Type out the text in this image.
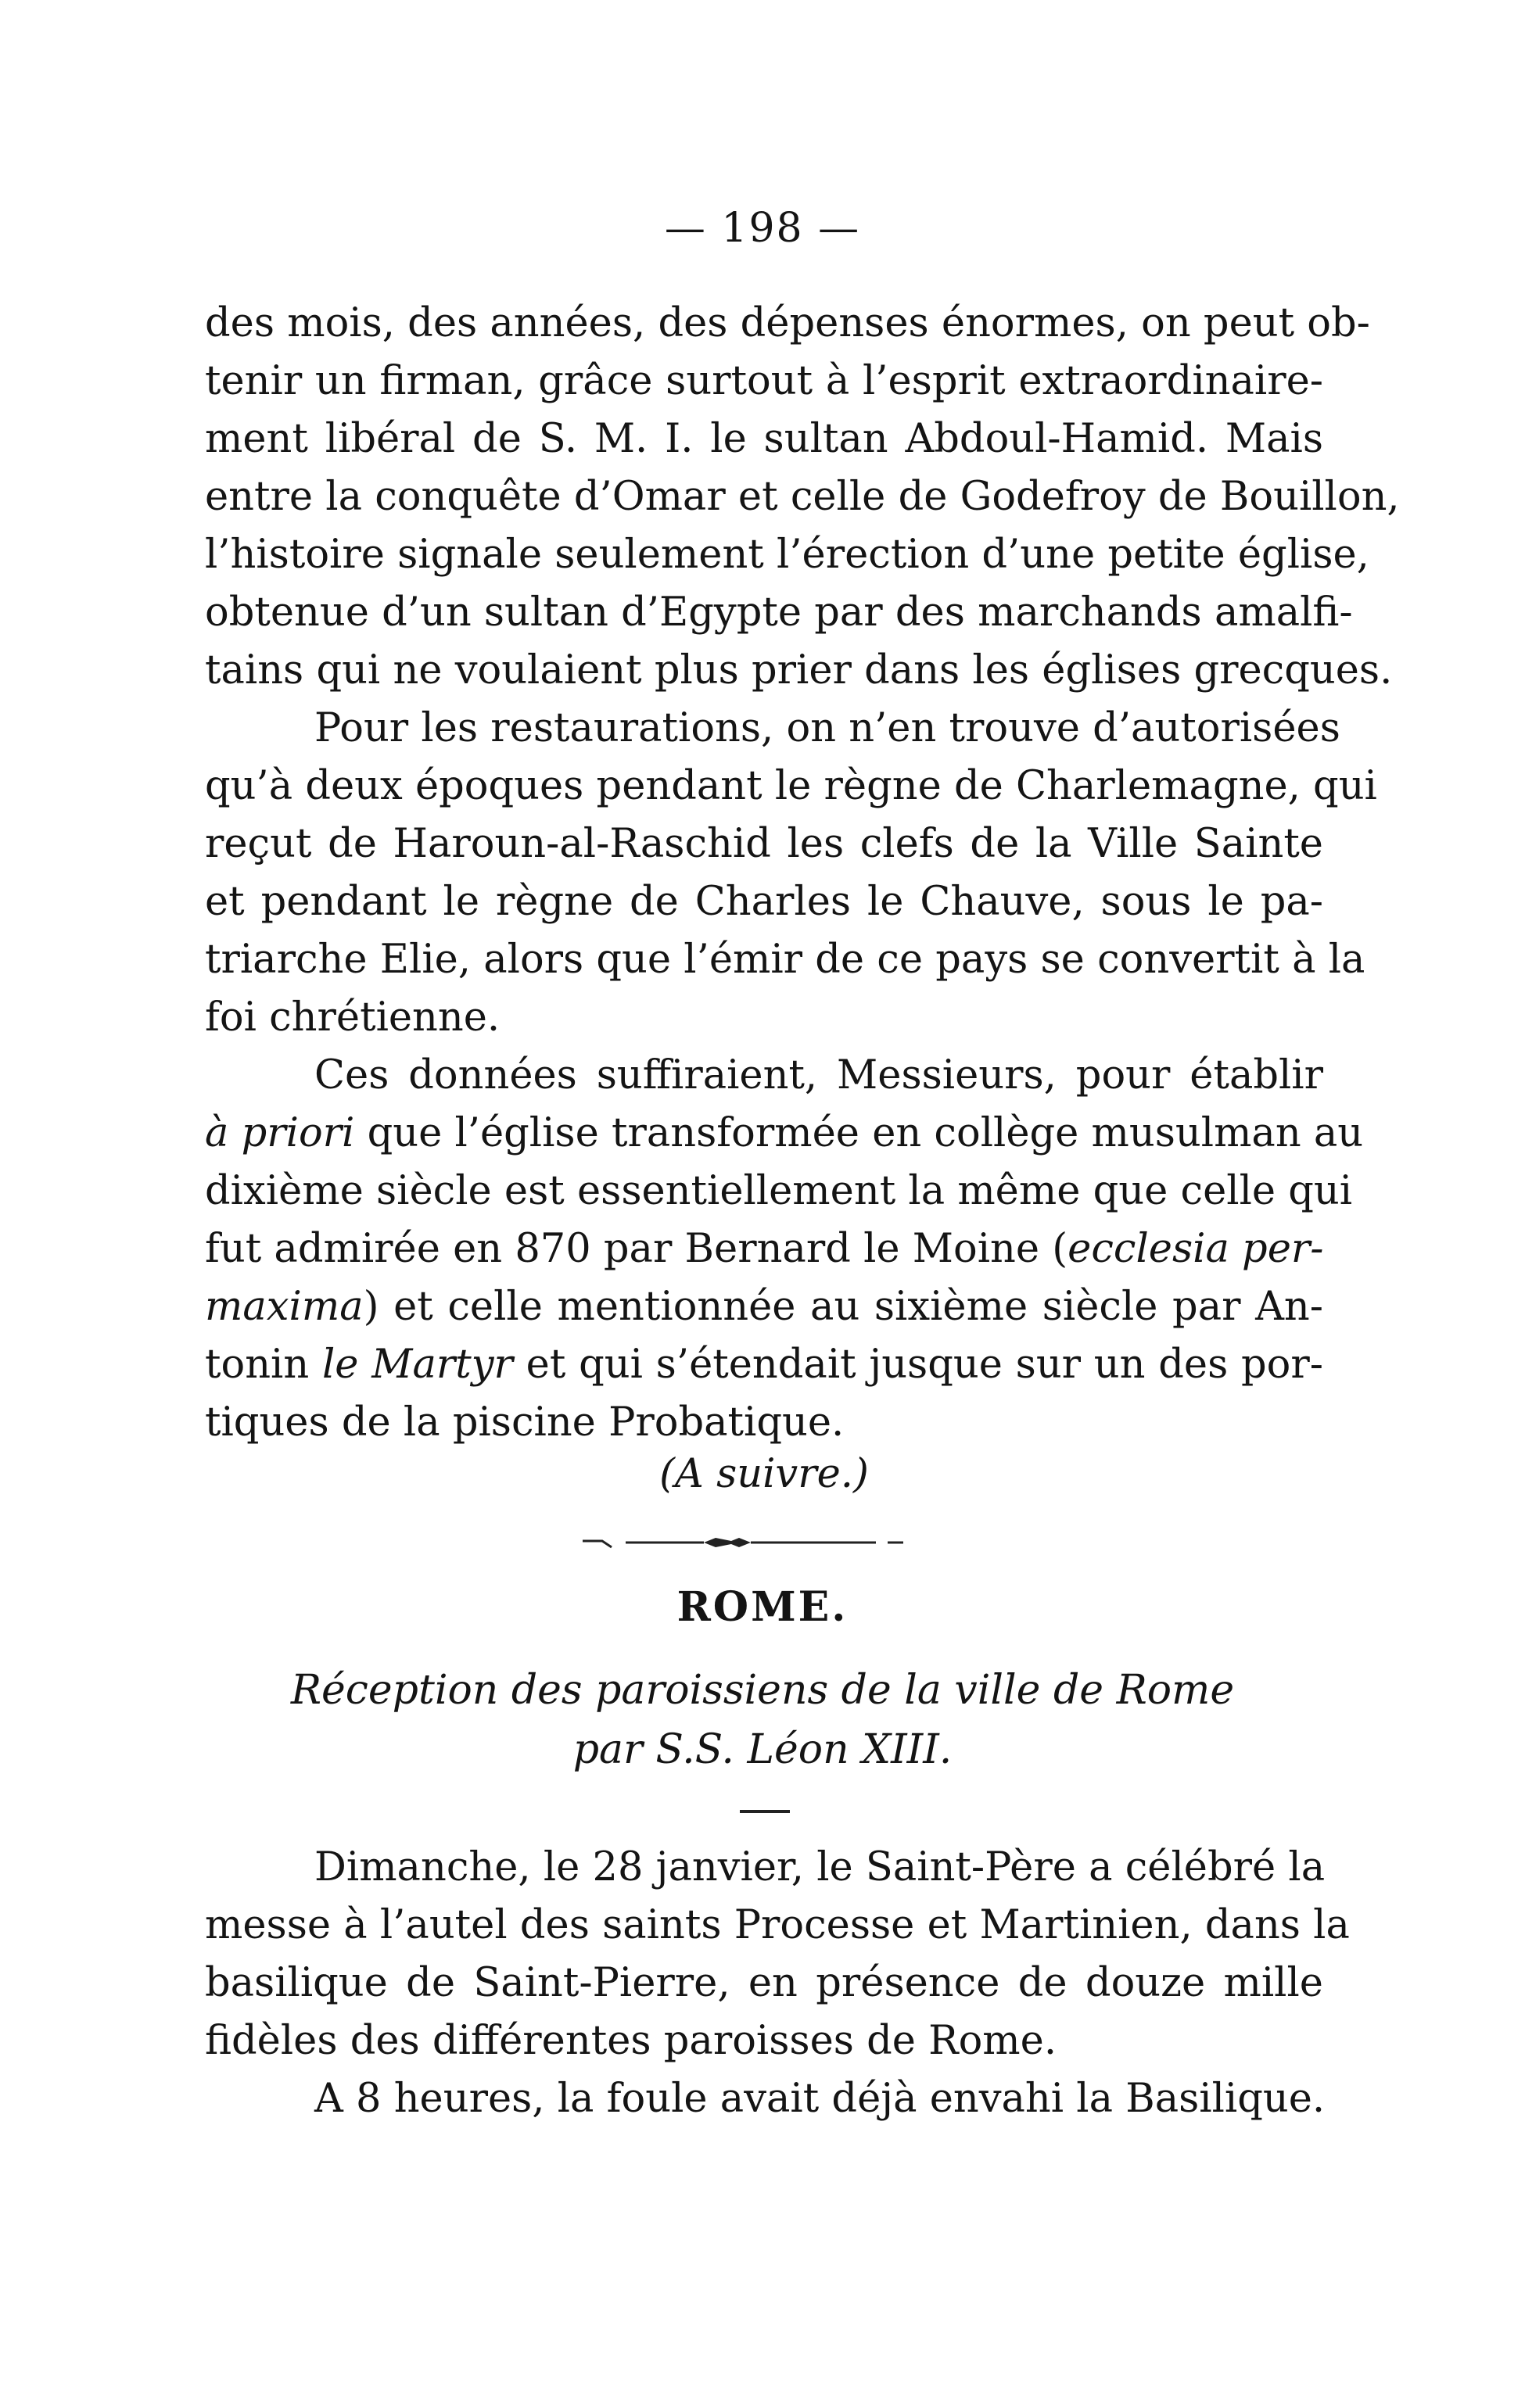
— 198 —
des mois, des années, des dépenses énormes, on peut ob-
tenir un firman, grâce surtout à l’esprit extraordinaire-
ment libéral de S. M. I. le sultan Abdoul-Hamid. Mais
entre la conquête d’Omar et celle de Godefroy de Bouillon,
l’histoire signale seulement l’érection d’une petite église,
obtenue d’un sultan d’Egypte par des marchands amalfi-
tains qui ne voulaient plus prier dans les églises grecques.
Pour les restaurations, on n’en trouve d’autorisées
qu’à deux époques pendant le règne de Charlemagne, qui
reçut de Haroun-al-Raschid les clefs de la Ville Sainte
et pendant le règne de Charles le Chauve, sous le pa-
triarche Elie, alors que l’émir de ce pays se convertit à la
foi chrétienne.
Ces données suffiraient, Messieurs, pour établir
à priori que l’église transformée en collège musulman au
dixième siècle est essentiellement la même que celle qui
fut admirée en 870 par Bernard le Moine (ecclesia per-
maxima) et celle mentionnée au sixième siècle par An-
tonin le Martyr et qui s’étendait jusque sur un des por-
tiques de la piscine Probatique.
(A suivre.)
ROME.
Réception des paroissiens de la ville de Rome
par S.S. Léon XIII.
Dimanche, le 28 janvier, le Saint-Père a célébré la
messe à l’autel des saints Processe et Martinien, dans la
basilique de Saint-Pierre, en présence de douze mille
fidèles des différentes paroisses de Rome.
A 8 heures, la foule avait déjà envahi la Basilique.
